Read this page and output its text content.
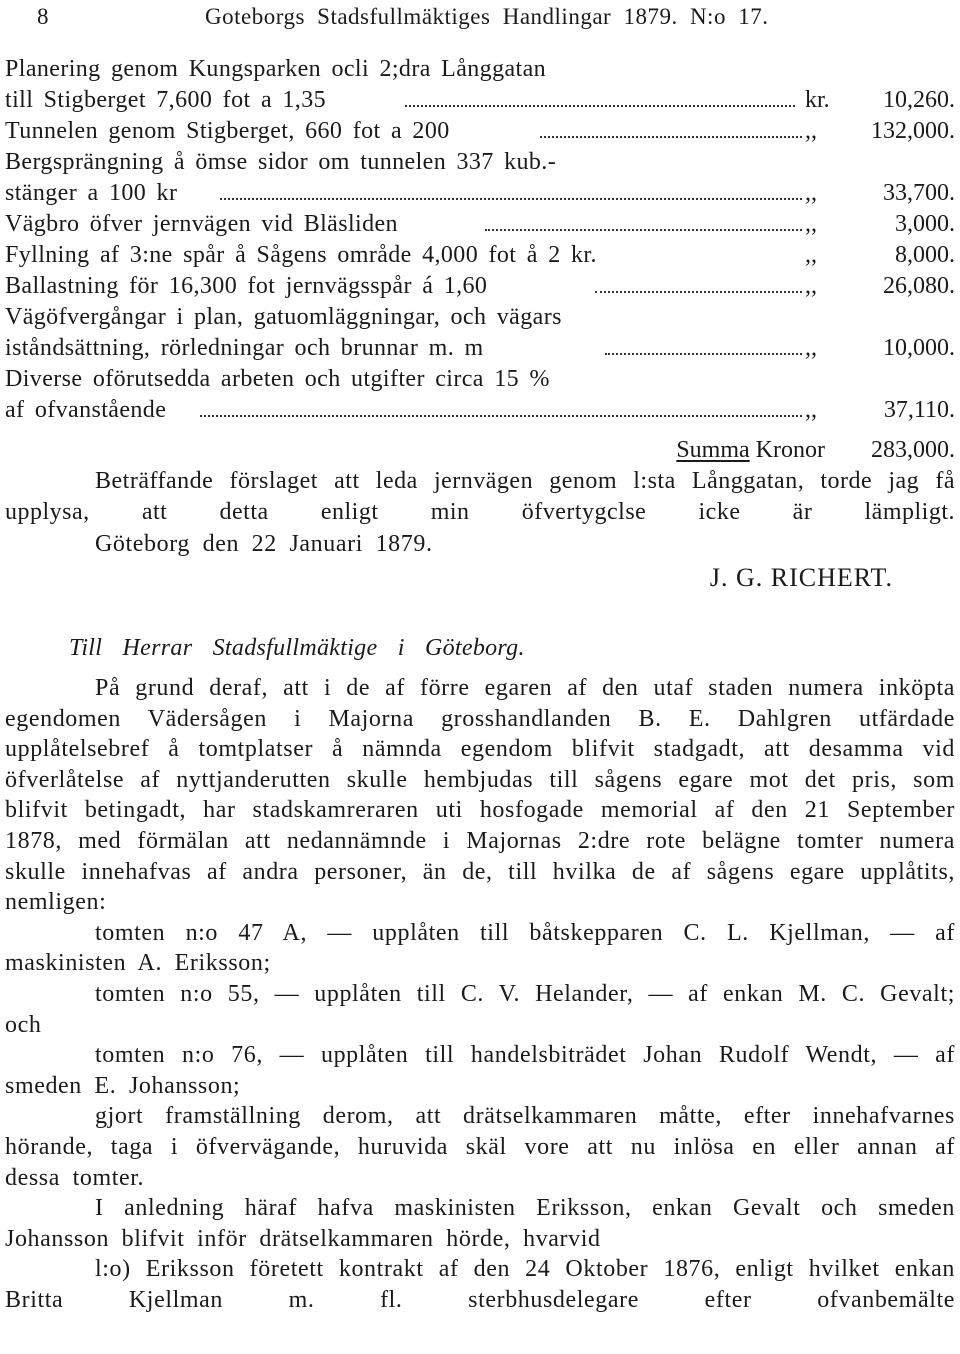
8	Goteborgs Stadsfullmäktiges Handlingar 1879. N:o 17.
Planering genom Kungsparken ocli 2;dra Långgatan
till Stigberget 7,600 fot a 1,35	kr.	10,260.
Tunnelen genom Stigberget, 660 fot a 200	,,	132,000.
Bergsprängning å ömse sidor om tunnelen 337 kub.-
stänger a 100 kr	,,	33,700.
Vägbro öfver jernvägen vid Bläsliden	,,	3,000.
Fyllning af 3:ne spår å Sågens område 4,000 fot å 2 kr.	,,	8,000.
Ballastning för 16,300 fot jernvägsspår á 1,60	,,	26,080.
Vägöfvergångar i plan, gatuomläggningar, och vägars
iståndsättning, rörledningar och brunnar m. m	,,	10,000.
Diverse oförutsedda arbeten och utgifter circa 15 %
af ofvanstående	,,	37,110.
Summa Kronor	283,000.

Beträffande förslaget att leda jernvägen genom l:sta Långgatan, torde jag få upplysa, att detta enligt min öfvertygclse icke är lämpligt.

Göteborg den 22 Januari 1879.

J. G. RICHERT.
Till Herrar Stadsfullmäktige i Göteborg.

På grund deraf, att i de af förre egaren af den utaf staden numera inköpta egendomen Vädersågen i Majorna grosshandlanden B. E. Dahlgren utfärdade upplåtelsebref å tomtplatser å nämnda egendom blifvit stadgadt, att desamma vid öfverlåtelse af nyttjanderutten skulle hembjudas till sågens egare mot det pris, som blifvit betingadt, har stadskamreraren uti hosfogade memorial af den 21 September 1878, med förmälan att nedannämnde i Majornas 2:dre rote belägne tomter numera skulle innehafvas af andra personer, än de, till hvilka de af sågens egare upplåtits, nemligen:

tomten n:o 47 A, — upplåten till båtskepparen C. L. Kjellman, — af maskinisten A. Eriksson;

tomten n:o 55, — upplåten till C. V. Helander, — af enkan M. C. Gevalt; och

tomten n:o 76, — upplåten till handelsbiträdet Johan Rudolf Wendt, — af smeden E. Johansson;

gjort framställning derom, att drätselkammaren måtte, efter innehafvarnes hörande, taga i öfvervägande, huruvida skäl vore att nu inlösa en eller annan af dessa tomter.

I anledning häraf hafva maskinisten Eriksson, enkan Gevalt och smeden Johansson blifvit inför drätselkammaren hörde, hvarvid

l:o) Eriksson företett kontrakt af den 24 Oktober 1876, enligt hvilket enkan Britta Kjellman m. fl. sterbhusdelegare efter ofvanbemälte
